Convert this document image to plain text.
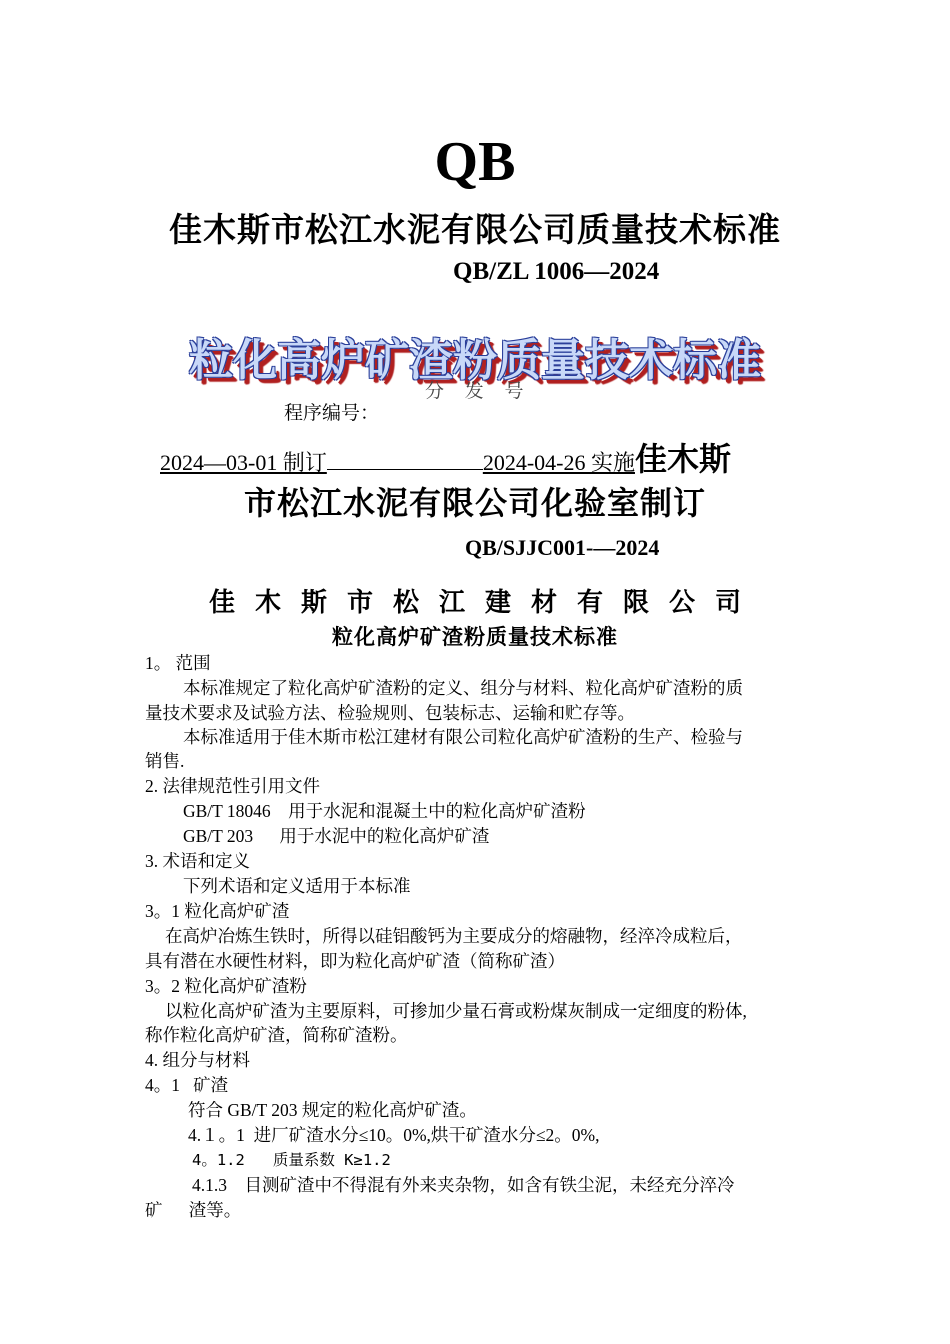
QB
佳木斯市松江水泥有限公司质量技术标准
QB/ZL 1006—2024
粒化高炉矿渣粉质量技术标准
分 发 号
程序编号：
2024—03-01 制订	2024-04-26 实施佳木斯
市松江水泥有限公司化验室制订
QB/SJJC001-—2024
佳木斯市松江建材有限公司
粒化高炉矿渣粉质量技术标准
1。 范围
本标准规定了粒化高炉矿渣粉的定义、组分与材料、粒化高炉矿渣粉的质
量技术要求及试验方法、检验规则、包装标志、运输和贮存等。
本标准适用于佳木斯市松江建材有限公司粒化高炉矿渣粉的生产、检验与
销售.
2. 法律规范性引用文件
GB/T 18046    用于水泥和混凝土中的粒化高炉矿渣粉
GB/T 203      用于水泥中的粒化高炉矿渣
3. 术语和定义
下列术语和定义适用于本标准
3。1 粒化高炉矿渣
在高炉冶炼生铁时，所得以硅铝酸钙为主要成分的熔融物，经淬冷成粒后，
具有潜在水硬性材料，即为粒化高炉矿渣（简称矿渣）
3。2 粒化高炉矿渣粉
以粒化高炉矿渣为主要原料，可掺加少量石膏或粉煤灰制成一定细度的粉体,
称作粒化高炉矿渣，简称矿渣粉。
4. 组分与材料
4。1   矿渣
符合 GB/T 203 规定的粒化高炉矿渣。
4.１。1  进厂矿渣水分≤10。0%,烘干矿渣水分≤2。0%,
4。1.2   质量系数 K≥1.2
4.1.3    目测矿渣中不得混有外来夹杂物，如含有铁尘泥，未经充分淬冷
矿      渣等。
